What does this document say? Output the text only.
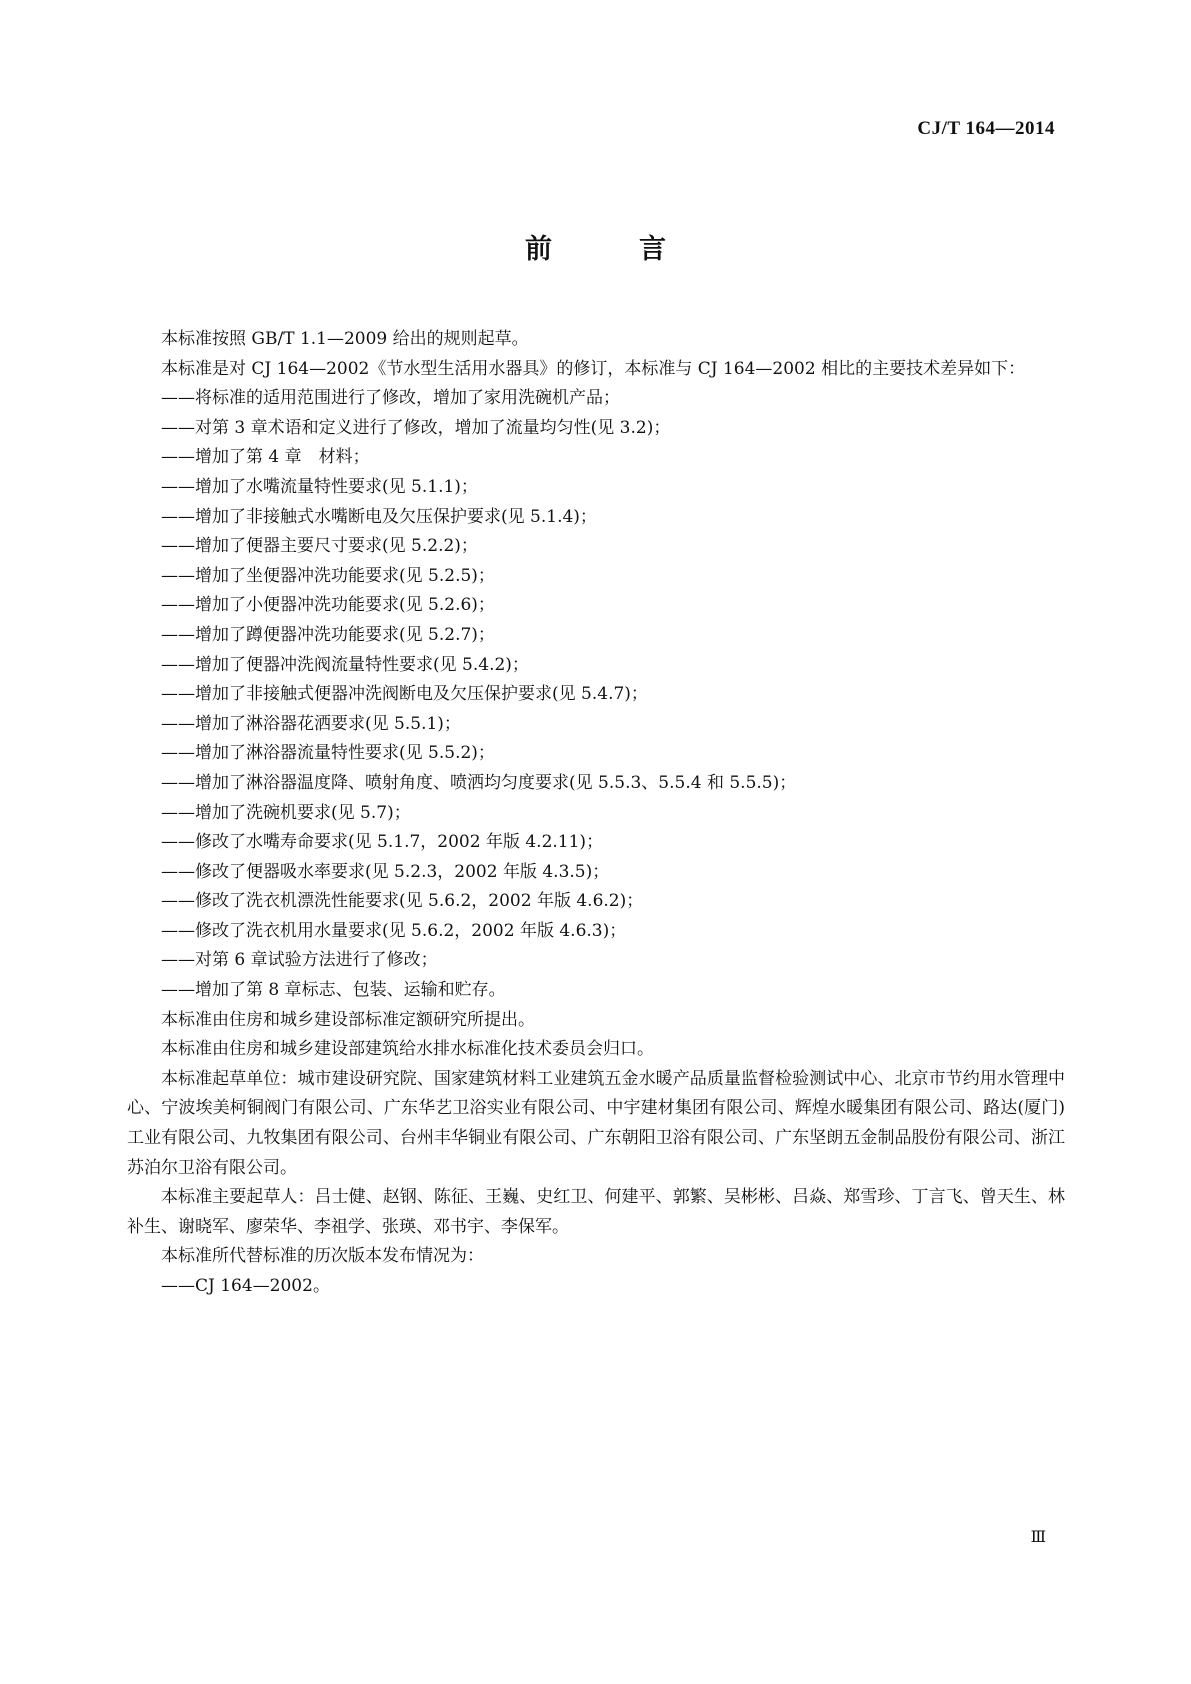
CJ/T 164—2014
前　言

本标准按照 GB/T 1.1—2009 给出的规则起草。

本标准是对 CJ 164—2002《节水型生活用水器具》的修订，本标准与 CJ 164—2002 相比的主要技术差异如下：

——将标准的适用范围进行了修改，增加了家用洗碗机产品；
——对第 3 章术语和定义进行了修改，增加了流量均匀性(见 3.2)；
——增加了第 4 章　材料；
——增加了水嘴流量特性要求(见 5.1.1)；
——增加了非接触式水嘴断电及欠压保护要求(见 5.1.4)；
——增加了便器主要尺寸要求(见 5.2.2)；
——增加了坐便器冲洗功能要求(见 5.2.5)；
——增加了小便器冲洗功能要求(见 5.2.6)；
——增加了蹲便器冲洗功能要求(见 5.2.7)；
——增加了便器冲洗阀流量特性要求(见 5.4.2)；
——增加了非接触式便器冲洗阀断电及欠压保护要求(见 5.4.7)；
——增加了淋浴器花洒要求(见 5.5.1)；
——增加了淋浴器流量特性要求(见 5.5.2)；
——增加了淋浴器温度降、喷射角度、喷洒均匀度要求(见 5.5.3、5.5.4 和 5.5.5)；
——增加了洗碗机要求(见 5.7)；
——修改了水嘴寿命要求(见 5.1.7，2002 年版 4.2.11)；
——修改了便器吸水率要求(见 5.2.3，2002 年版 4.3.5)；
——修改了洗衣机漂洗性能要求(见 5.6.2，2002 年版 4.6.2)；
——修改了洗衣机用水量要求(见 5.6.2，2002 年版 4.6.3)；
——对第 6 章试验方法进行了修改；
——增加了第 8 章标志、包装、运输和贮存。

本标准由住房和城乡建设部标准定额研究所提出。

本标准由住房和城乡建设部建筑给水排水标准化技术委员会归口。

本标准起草单位：城市建设研究院、国家建筑材料工业建筑五金水暖产品质量监督检验测试中心、北京市节约用水管理中心、宁波埃美柯铜阀门有限公司、广东华艺卫浴实业有限公司、中宇建材集团有限公司、辉煌水暖集团有限公司、路达(厦门)工业有限公司、九牧集团有限公司、台州丰华铜业有限公司、广东朝阳卫浴有限公司、广东坚朗五金制品股份有限公司、浙江苏泊尔卫浴有限公司。

本标准主要起草人：吕士健、赵钢、陈征、王巍、史红卫、何建平、郭繁、吴彬彬、吕焱、郑雪珍、丁言飞、曾天生、林补生、谢晓军、廖荣华、李祖学、张瑛、邓书宇、李保军。

本标准所代替标准的历次版本发布情况为：

——CJ 164—2002。
Ⅲ
